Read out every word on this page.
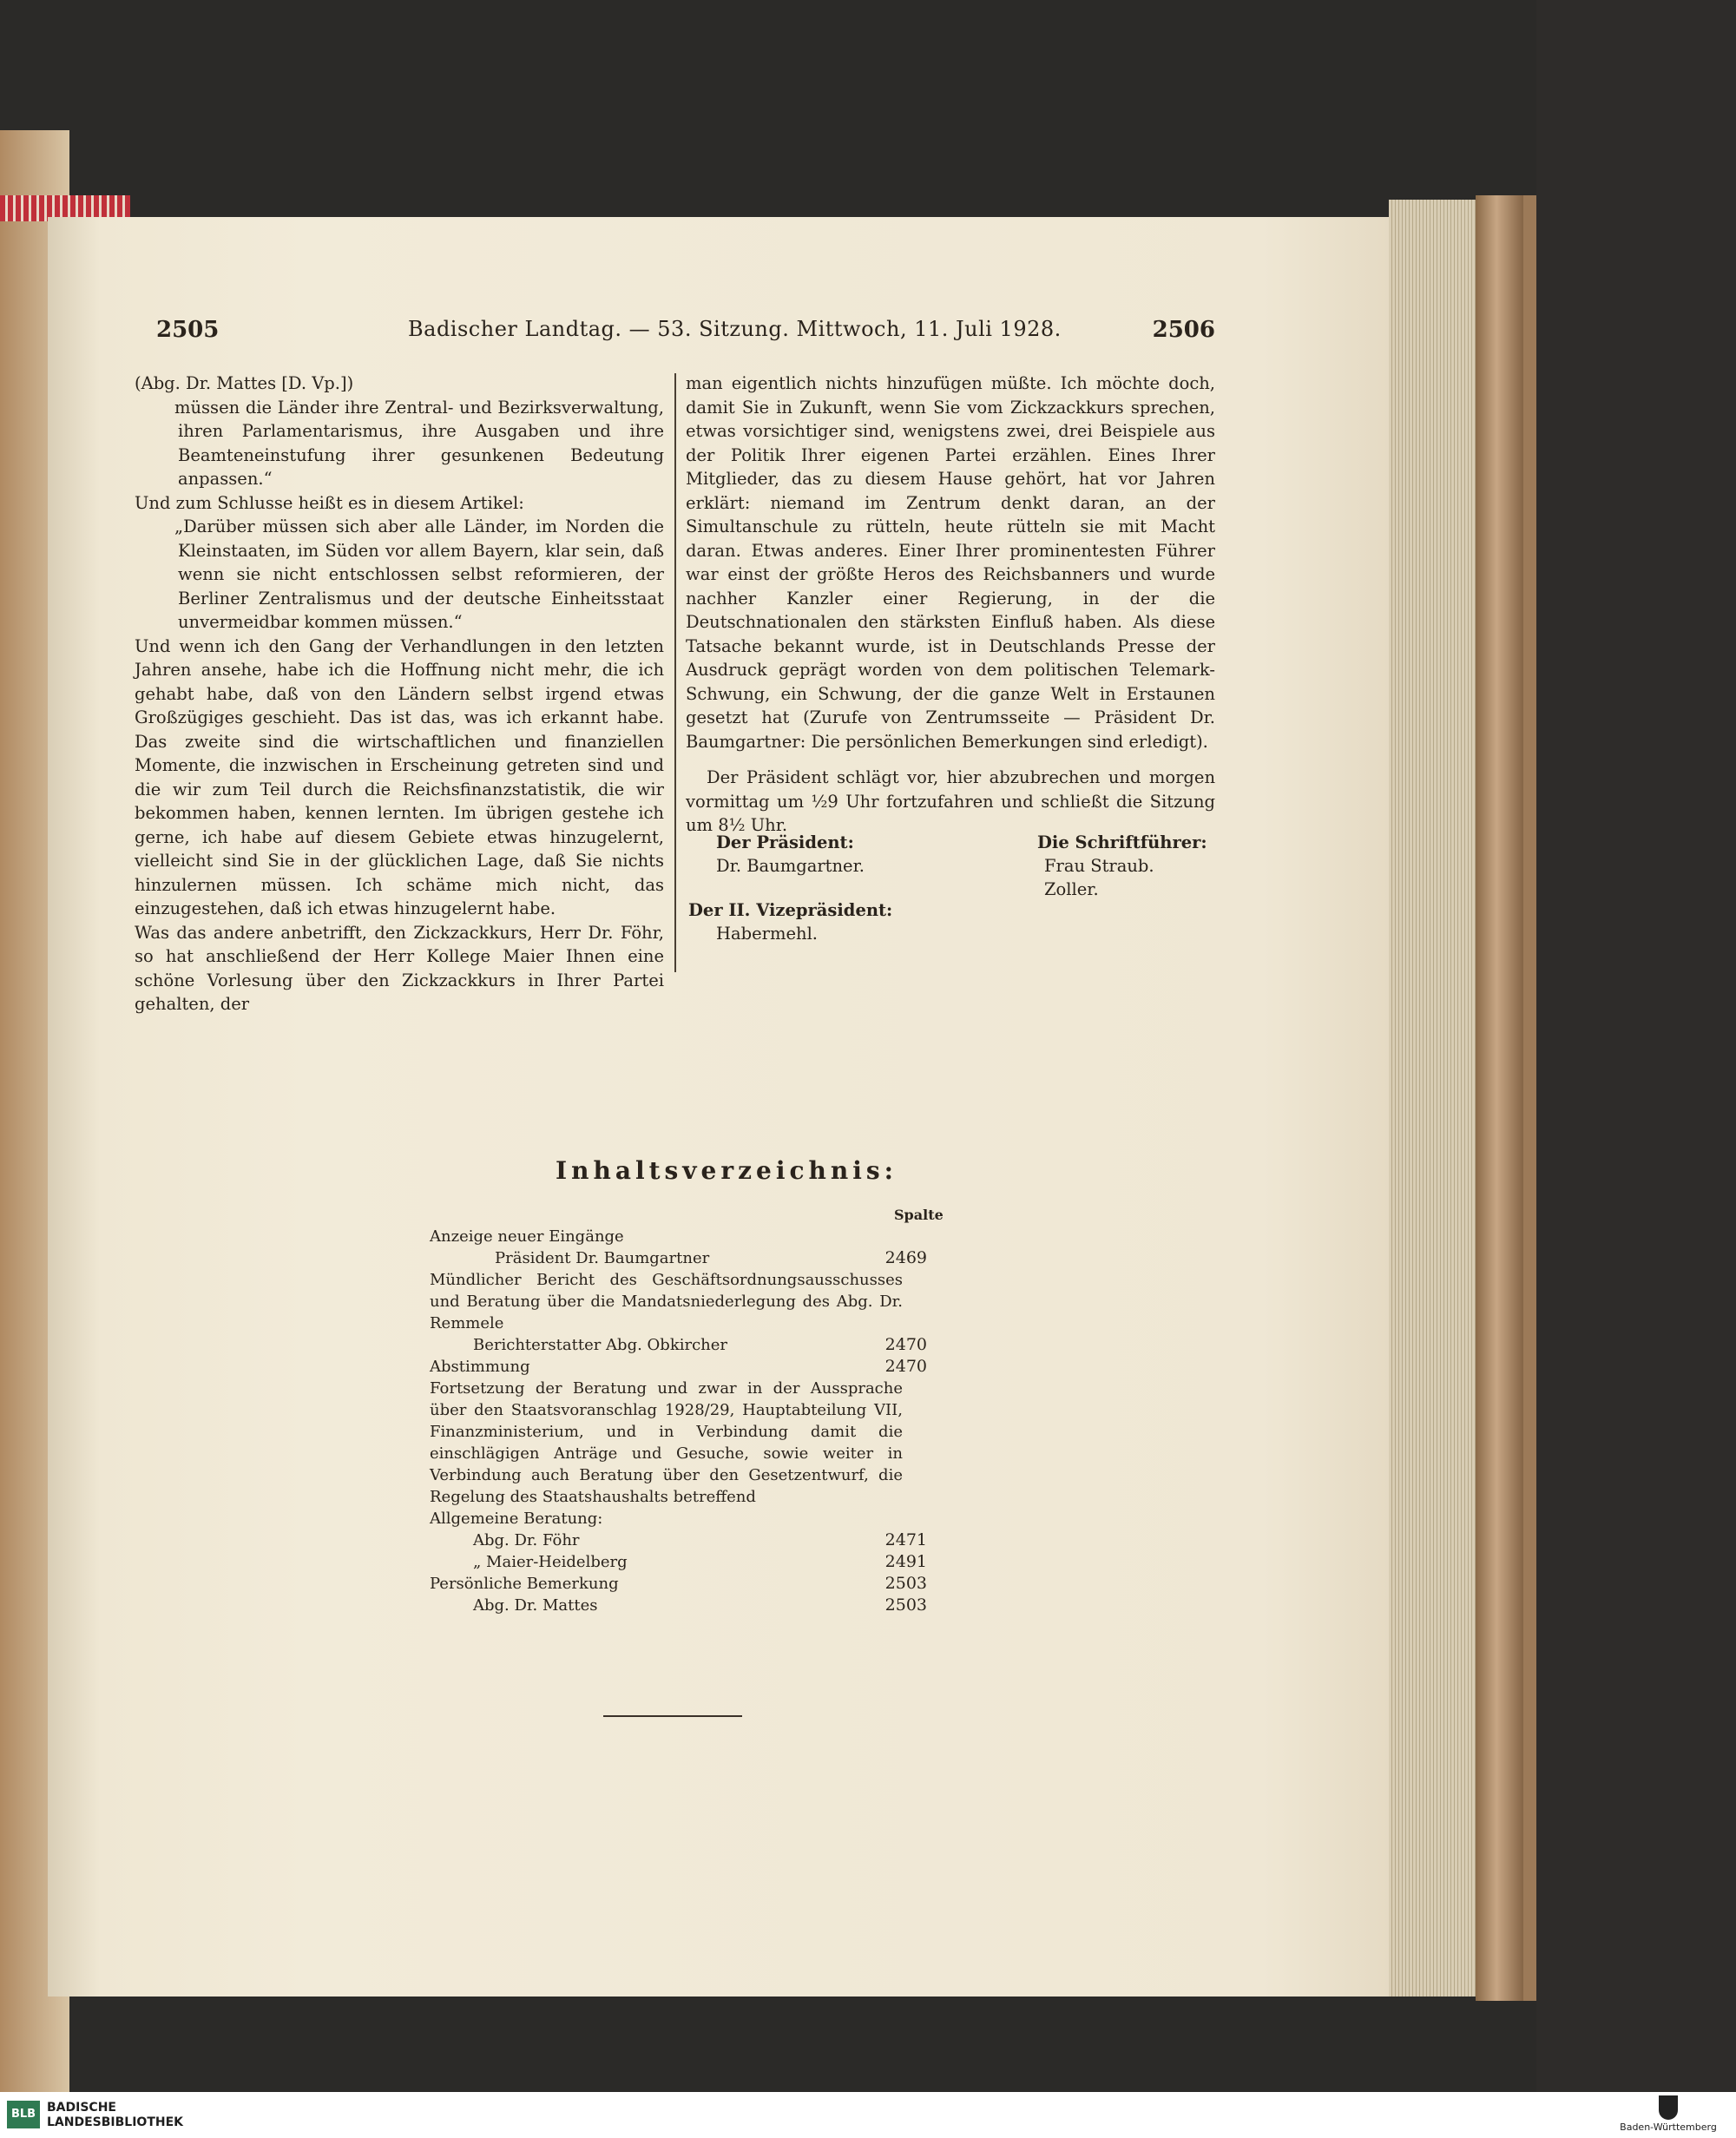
2505	Badischer Landtag. — 53. Sitzung. Mittwoch, 11. Juli 1928.	2506

(Abg. Dr. Mattes [D. Vp.])

müssen die Länder ihre Zentral- und Bezirksverwaltung, ihren Parlamentarismus, ihre Ausgaben und ihre Beamteneinstufung ihrer gesunkenen Bedeutung anpassen.“

Und zum Schlusse heißt es in diesem Artikel:

„Darüber müssen sich aber alle Länder, im Norden die Kleinstaaten, im Süden vor allem Bayern, klar sein, daß wenn sie nicht entschlossen selbst reformieren, der Berliner Zentralismus und der deutsche Einheitsstaat unvermeidbar kommen müssen.“

Und wenn ich den Gang der Verhandlungen in den letzten Jahren ansehe, habe ich die Hoffnung nicht mehr, die ich gehabt habe, daß von den Ländern selbst irgend etwas Großzügiges geschieht. Das ist das, was ich erkannt habe. Das zweite sind die wirtschaftlichen und finanziellen Momente, die inzwischen in Erscheinung getreten sind und die wir zum Teil durch die Reichsfinanzstatistik, die wir bekommen haben, kennen lernten. Im übrigen gestehe ich gerne, ich habe auf diesem Gebiete etwas hinzugelernt, vielleicht sind Sie in der glücklichen Lage, daß Sie nichts hinzulernen müssen. Ich schäme mich nicht, das einzugestehen, daß ich etwas hinzugelernt habe.

Was das andere anbetrifft, den Zickzackkurs, Herr Dr. Föhr, so hat anschließend der Herr Kollege Maier Ihnen eine schöne Vorlesung über den Zickzackkurs in Ihrer Partei gehalten, der

man eigentlich nichts hinzufügen müßte. Ich möchte doch, damit Sie in Zukunft, wenn Sie vom Zickzackkurs sprechen, etwas vorsichtiger sind, wenigstens zwei, drei Beispiele aus der Politik Ihrer eigenen Partei erzählen. Eines Ihrer Mitglieder, das zu diesem Hause gehört, hat vor Jahren erklärt: niemand im Zentrum denkt daran, an der Simultanschule zu rütteln, heute rütteln sie mit Macht daran. Etwas anderes. Einer Ihrer prominentesten Führer war einst der größte Heros des Reichsbanners und wurde nachher Kanzler einer Regierung, in der die Deutschnationalen den stärksten Einfluß haben. Als diese Tatsache bekannt wurde, ist in Deutschlands Presse der Ausdruck geprägt worden von dem politischen Telemark-Schwung, ein Schwung, der die ganze Welt in Erstaunen gesetzt hat (Zurufe von Zentrumsseite — Präsident Dr. Baumgartner: Die persönlichen Bemerkungen sind erledigt).

Der Präsident schlägt vor, hier abzubrechen und morgen vormittag um ½9 Uhr fortzufahren und schließt die Sitzung um 8½ Uhr.

Der Präsident:
Dr. Baumgartner.
Die Schriftführer:
Frau Straub.
Zoller.
Der II. Vizepräsident:
Habermehl.
Inhaltsverzeichnis:
Spalte
Anzeige neuer Eingänge
Präsident Dr. Baumgartner	2469
Mündlicher Bericht des Geschäftsordnungsausschusses und Beratung über die Mandatsniederlegung des Abg. Dr. Remmele
Berichterstatter Abg. Obkircher	2470
Abstimmung	2470
Fortsetzung der Beratung und zwar in der Aussprache über den Staatsvoranschlag 1928/29, Hauptabteilung VII, Finanzministerium, und in Verbindung damit die einschlägigen Anträge und Gesuche, sowie weiter in Verbindung auch Beratung über den Gesetzentwurf, die Regelung des Staatshaushalts betreffend
Allgemeine Beratung:
Abg. Dr. Föhr	2471
„ Maier-Heidelberg	2491
Persönliche Bemerkung	2503
Abg. Dr. Mattes	2503
BLB BADISCHE
LANDESBIBLIOTHEK	Baden-Württemberg
